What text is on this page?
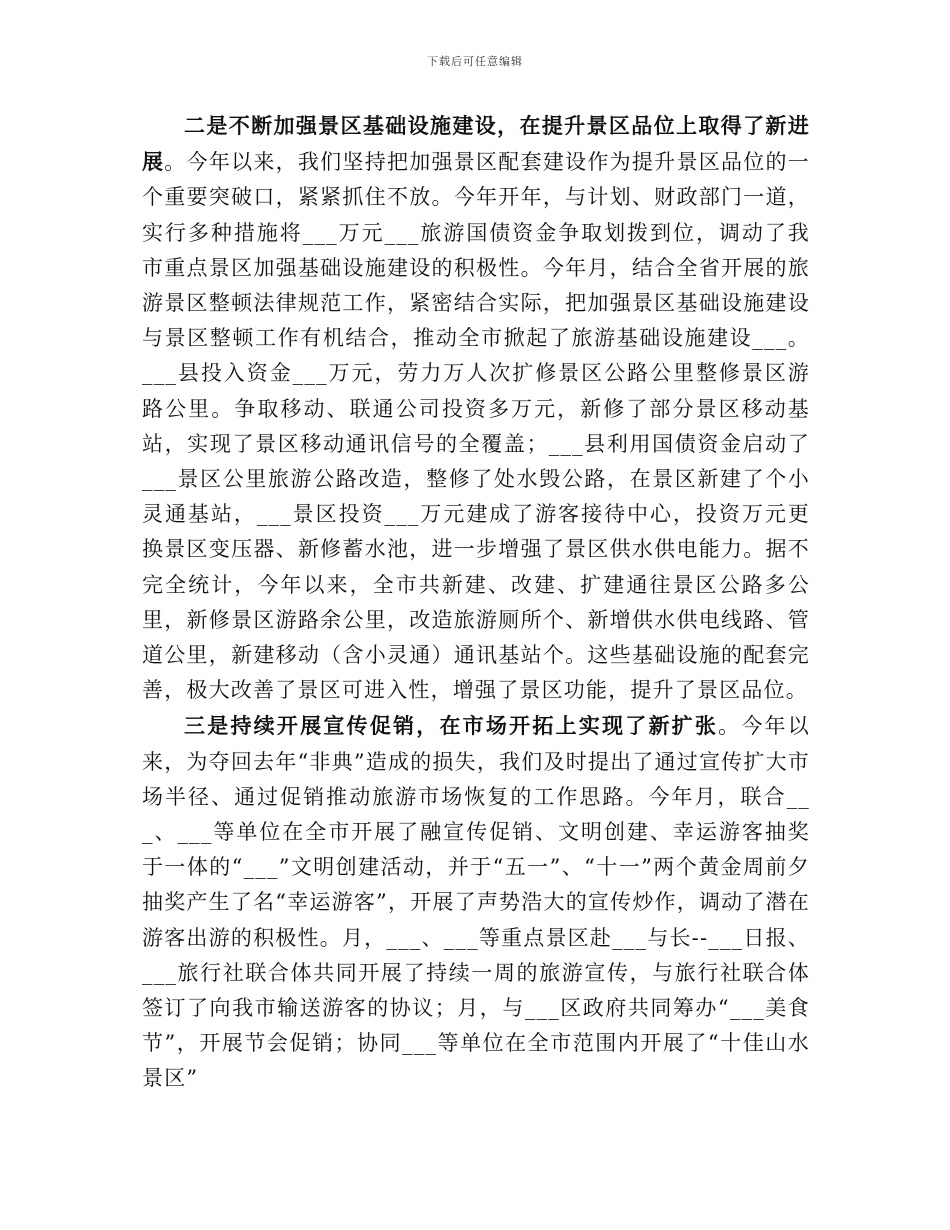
下载后可任意编辑

二是不断加强景区基础设施建设，在提升景区品位上取得了新进展。今年以来，我们坚持把加强景区配套建设作为提升景区品位的一个重要突破口，紧紧抓住不放。今年开年，与计划、财政部门一道，实行多种措施将___万元___旅游国债资金争取划拨到位，调动了我市重点景区加强基础设施建设的积极性。今年月，结合全省开展的旅游景区整顿法律规范工作，紧密结合实际，把加强景区基础设施建设与景区整顿工作有机结合，推动全市掀起了旅游基础设施建设___。___县投入资金___万元，劳力万人次扩修景区公路公里整修景区游路公里。争取移动、联通公司投资多万元，新修了部分景区移动基站，实现了景区移动通讯信号的全覆盖；___县利用国债资金启动了___景区公里旅游公路改造，整修了处水毁公路，在景区新建了个小灵通基站，___景区投资___万元建成了游客接待中心，投资万元更换景区变压器、新修蓄水池，进一步增强了景区供水供电能力。据不完全统计，今年以来，全市共新建、改建、扩建通往景区公路多公里，新修景区游路余公里，改造旅游厕所个、新增供水供电线路、管道公里，新建移动（含小灵通）通讯基站个。这些基础设施的配套完善，极大改善了景区可进入性，增强了景区功能，提升了景区品位。

三是持续开展宣传促销，在市场开拓上实现了新扩张。今年以来，为夺回去年“非典”造成的损失，我们及时提出了通过宣传扩大市场半径、通过促销推动旅游市场恢复的工作思路。今年月，联合___、___等单位在全市开展了融宣传促销、文明创建、幸运游客抽奖于一体的“___”文明创建活动，并于“五一”、“十一”两个黄金周前夕抽奖产生了名“幸运游客”，开展了声势浩大的宣传炒作，调动了潜在游客出游的积极性。月，___、___等重点景区赴___与长--___日报、___旅行社联合体共同开展了持续一周的旅游宣传，与旅行社联合体签订了向我市输送游客的协议；月，与___区政府共同筹办“___美食节”，开展节会促销；协同___等单位在全市范围内开展了“十佳山水景区”
